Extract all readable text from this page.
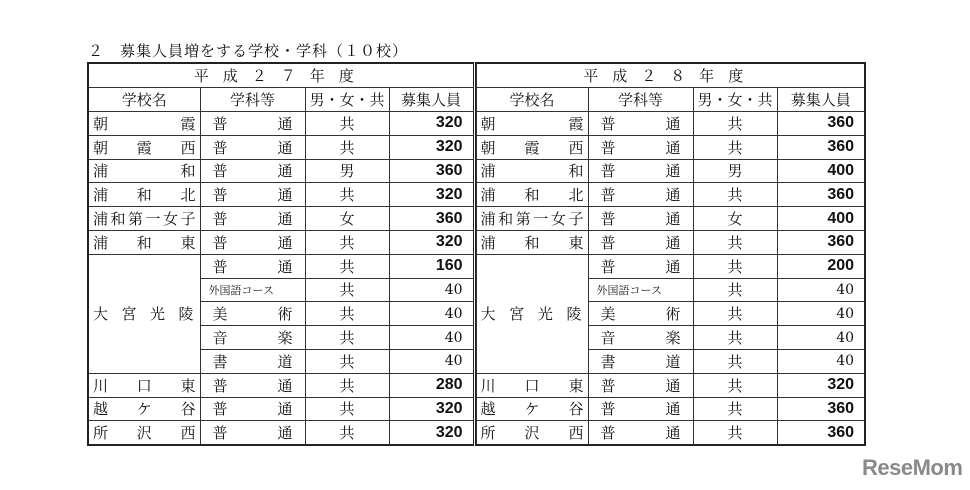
２　募集人員増をする学校・学科（１０校）
平成２７年度			
学校名	学科等	男・女・共	募集人員
朝　　霞	普　通	共	320
朝霞西	普　通	共	320
浦　　和	普　通	男	360
浦和北	普　通	共	320
浦和第一女子	普　通	女	360
浦和東	普　通	共	320
大宮光陵	普　通	共	160
	外国語コース	共	40
	美　術	共	40
	音　楽	共	40
	書　道	共	40
川口東	普　通	共	280
越ケ谷	普　通	共	320
所沢西	普　通	共	320
平成２８年度			
学校名	学科等	男・女・共	募集人員
朝　　霞	普　通	共	360
朝霞西	普　通	共	360
浦　　和	普　通	男	400
浦和北	普　通	共	360
浦和第一女子	普　通	女	400
浦和東	普　通	共	360
大宮光陵	普　通	共	200
	外国語コース	共	40
	美　術	共	40
	音　楽	共	40
	書　道	共	40
川口東	普　通	共	320
越ケ谷	普　通	共	360
所沢西	普　通	共	360
ReseMom
